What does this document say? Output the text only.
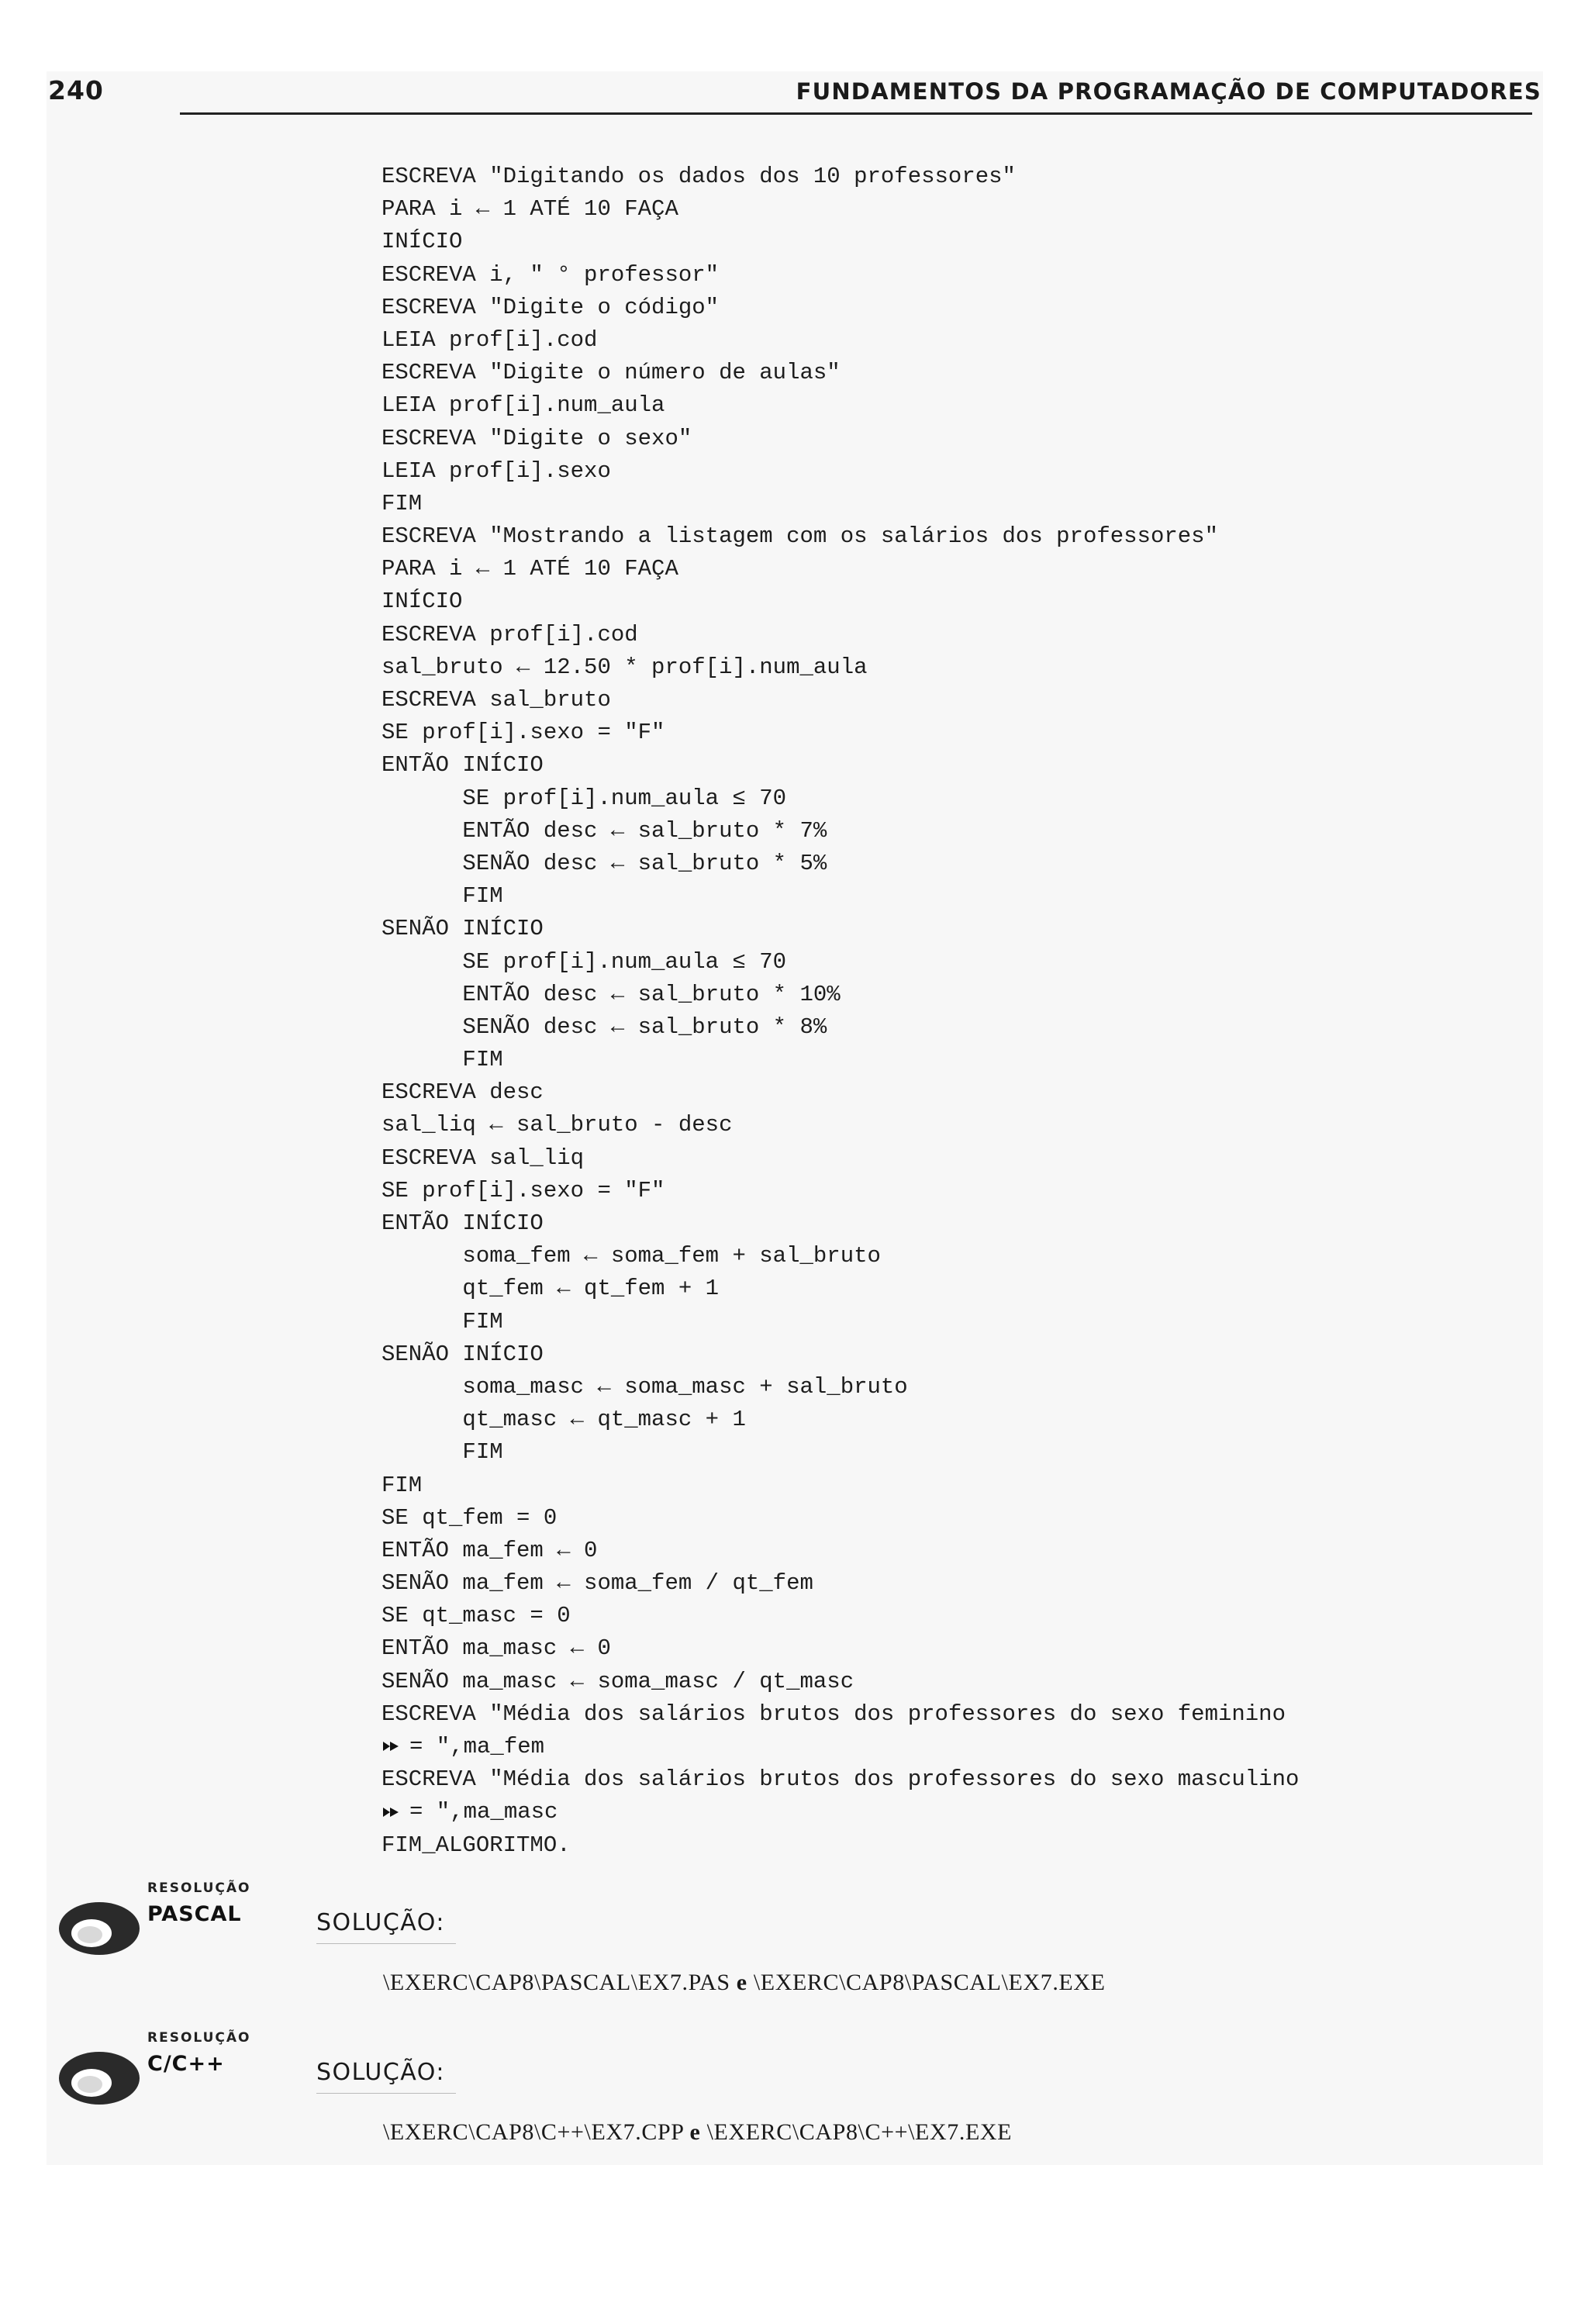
240	FUNDAMENTOS DA PROGRAMAÇÃO DE COMPUTADORES
ESCREVA "Digitando os dados dos 10 professores"
PARA i ← 1 ATÉ 10 FAÇA
INÍCIO
ESCREVA i, " ° professor"
ESCREVA "Digite o código"
LEIA prof[i].cod
ESCREVA "Digite o número de aulas"
LEIA prof[i].num_aula
ESCREVA "Digite o sexo"
LEIA prof[i].sexo
FIM
ESCREVA "Mostrando a listagem com os salários dos professores"
PARA i ← 1 ATÉ 10 FAÇA
INÍCIO
ESCREVA prof[i].cod
sal_bruto ← 12.50 * prof[i].num_aula
ESCREVA sal_bruto
SE prof[i].sexo = "F"
ENTÃO INÍCIO
SE prof[i].num_aula ≤ 70
ENTÃO desc ← sal_bruto * 7%
SENÃO desc ← sal_bruto * 5%
FIM
SENÃO INÍCIO
SE prof[i].num_aula ≤ 70
ENTÃO desc ← sal_bruto * 10%
SENÃO desc ← sal_bruto * 8%
FIM
ESCREVA desc
sal_liq ← sal_bruto - desc
ESCREVA sal_liq
SE prof[i].sexo = "F"
ENTÃO INÍCIO
soma_fem ← soma_fem + sal_bruto
qt_fem ← qt_fem + 1
FIM
SENÃO INÍCIO
soma_masc ← soma_masc + sal_bruto
qt_masc ← qt_masc + 1
FIM
FIM
SE qt_fem = 0
ENTÃO ma_fem ← 0
SENÃO ma_fem ← soma_fem / qt_fem
SE qt_masc = 0
ENTÃO ma_masc ← 0
SENÃO ma_masc ← soma_masc / qt_masc
ESCREVA "Média dos salários brutos dos professores do sexo feminino
= ",ma_fem
ESCREVA "Média dos salários brutos dos professores do sexo masculino
= ",ma_masc
FIM_ALGORITMO.
RESOLUÇÃO
PASCAL	SOLUÇÃO:
\EXERC\CAP8\PASCAL\EX7.PAS e \EXERC\CAP8\PASCAL\EX7.EXE
RESOLUÇÃO
C/C++	SOLUÇÃO:
\EXERC\CAP8\C++\EX7.CPP e \EXERC\CAP8\C++\EX7.EXE
